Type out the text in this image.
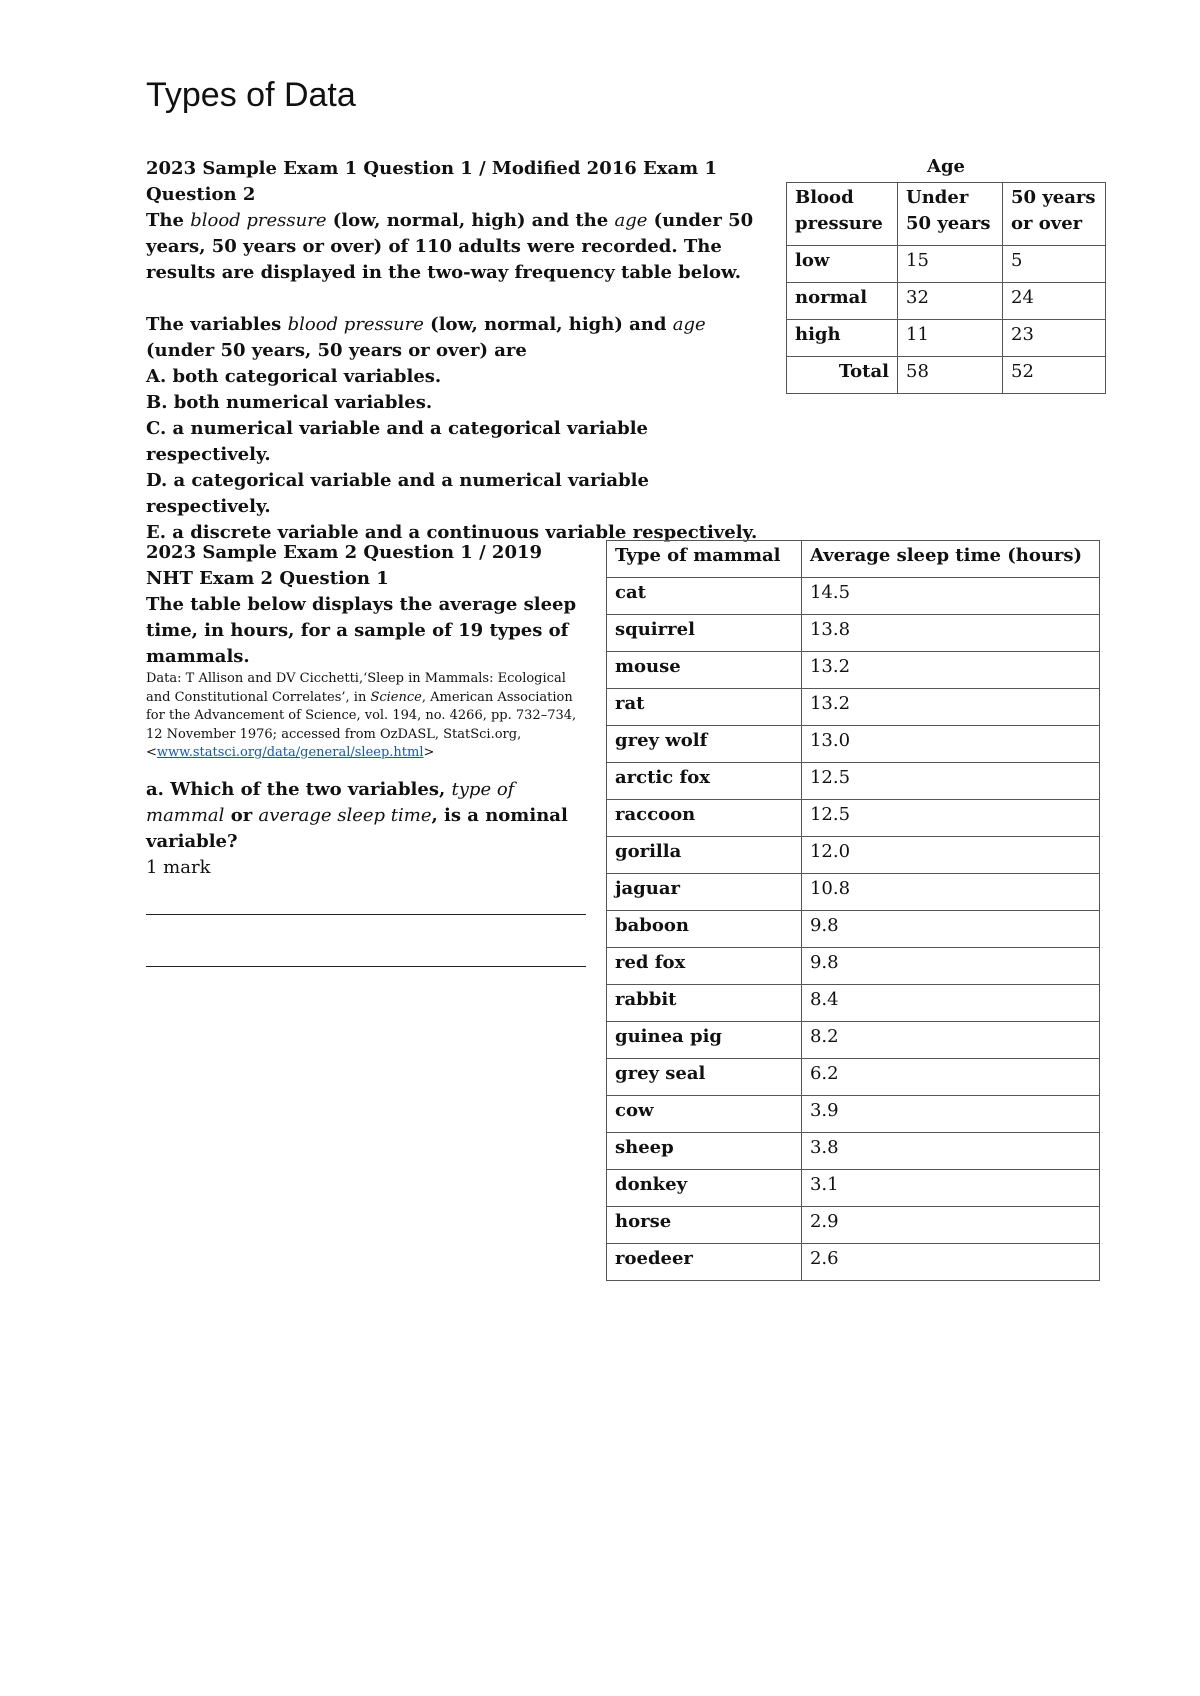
Types of Data

2023 Sample Exam 1 Question 1 / Modified 2016 Exam 1 Question 2

The blood pressure (low, normal, high) and the age (under 50 years, 50 years or over) of 110 adults were recorded. The results are displayed in the two-way frequency table below.

The variables blood pressure (low, normal, high) and age (under 50 years, 50 years or over) are

A. both categorical variables.

B. both numerical variables.

C. a numerical variable and a categorical variable respectively.

D. a categorical variable and a numerical variable respectively.

E. a discrete variable and a continuous variable respectively.

Age
Blood pressure	Under 50 years	50 years or over
low	15	5
normal	32	24
high	11	23
Total	58	52

2023 Sample Exam 2 Question 1 / 2019 NHT Exam 2 Question 1

The table below displays the average sleep time, in hours, for a sample of 19 types of mammals.

Data: T Allison and DV Cicchetti,‘Sleep in Mammals: Ecological and Constitutional Correlates’, in Science, American Association for the Advancement of Science, vol. 194, no. 4266, pp. 732–734, 12 November 1976; accessed from OzDASL, StatSci.org, <www.statsci.org/data/general/sleep.html>

a. Which of the two variables, type of mammal or average sleep time, is a nominal variable?

1 mark

Type of mammal	Average sleep time (hours)
cat	14.5
squirrel	13.8
mouse	13.2
rat	13.2
grey wolf	13.0
arctic fox	12.5
raccoon	12.5
gorilla	12.0
jaguar	10.8
baboon	9.8
red fox	9.8
rabbit	8.4
guinea pig	8.2
grey seal	6.2
cow	3.9
sheep	3.8
donkey	3.1
horse	2.9
roedeer	2.6
